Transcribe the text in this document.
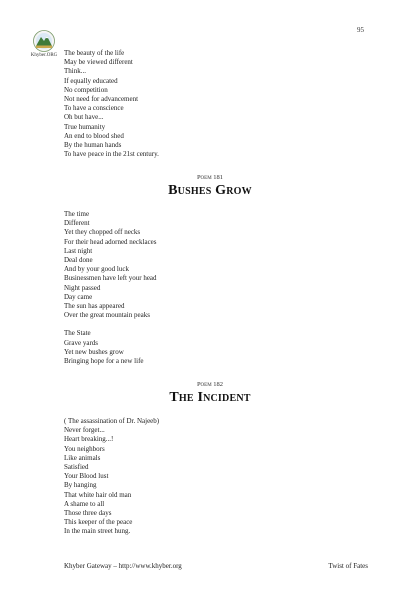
95
Khyber.ORG The beauty of the life
May be viewed different
Think...
If equally educated
No competition
Not need for advancement
To have a conscience
Oh but have...
True humanity
An end to blood shed
By the human hands
To have peace in the 21st century.
Poem 181
Bushes Grow
The time
Different
Yet they chopped off necks
For their head adorned necklaces
Last night
Deal done
And by your good luck
Businessmen have left your head
Night passed
Day came
The sun has appeared
Over the great mountain peaks
The State
Grave yards
Yet new bushes grow
Bringing hope for a new life
Poem 182
The Incident
( The assassination of Dr. Najeeb)
Never forget...
Heart breaking...!
You neighbors
Like animals
Satisfied
Your Blood lust
By hanging
That white hair old man
A shame to all
Those three days
This keeper of the peace
In the main street hung.
Khyber Gateway – http://www.khyber.org	Twist of Fates
